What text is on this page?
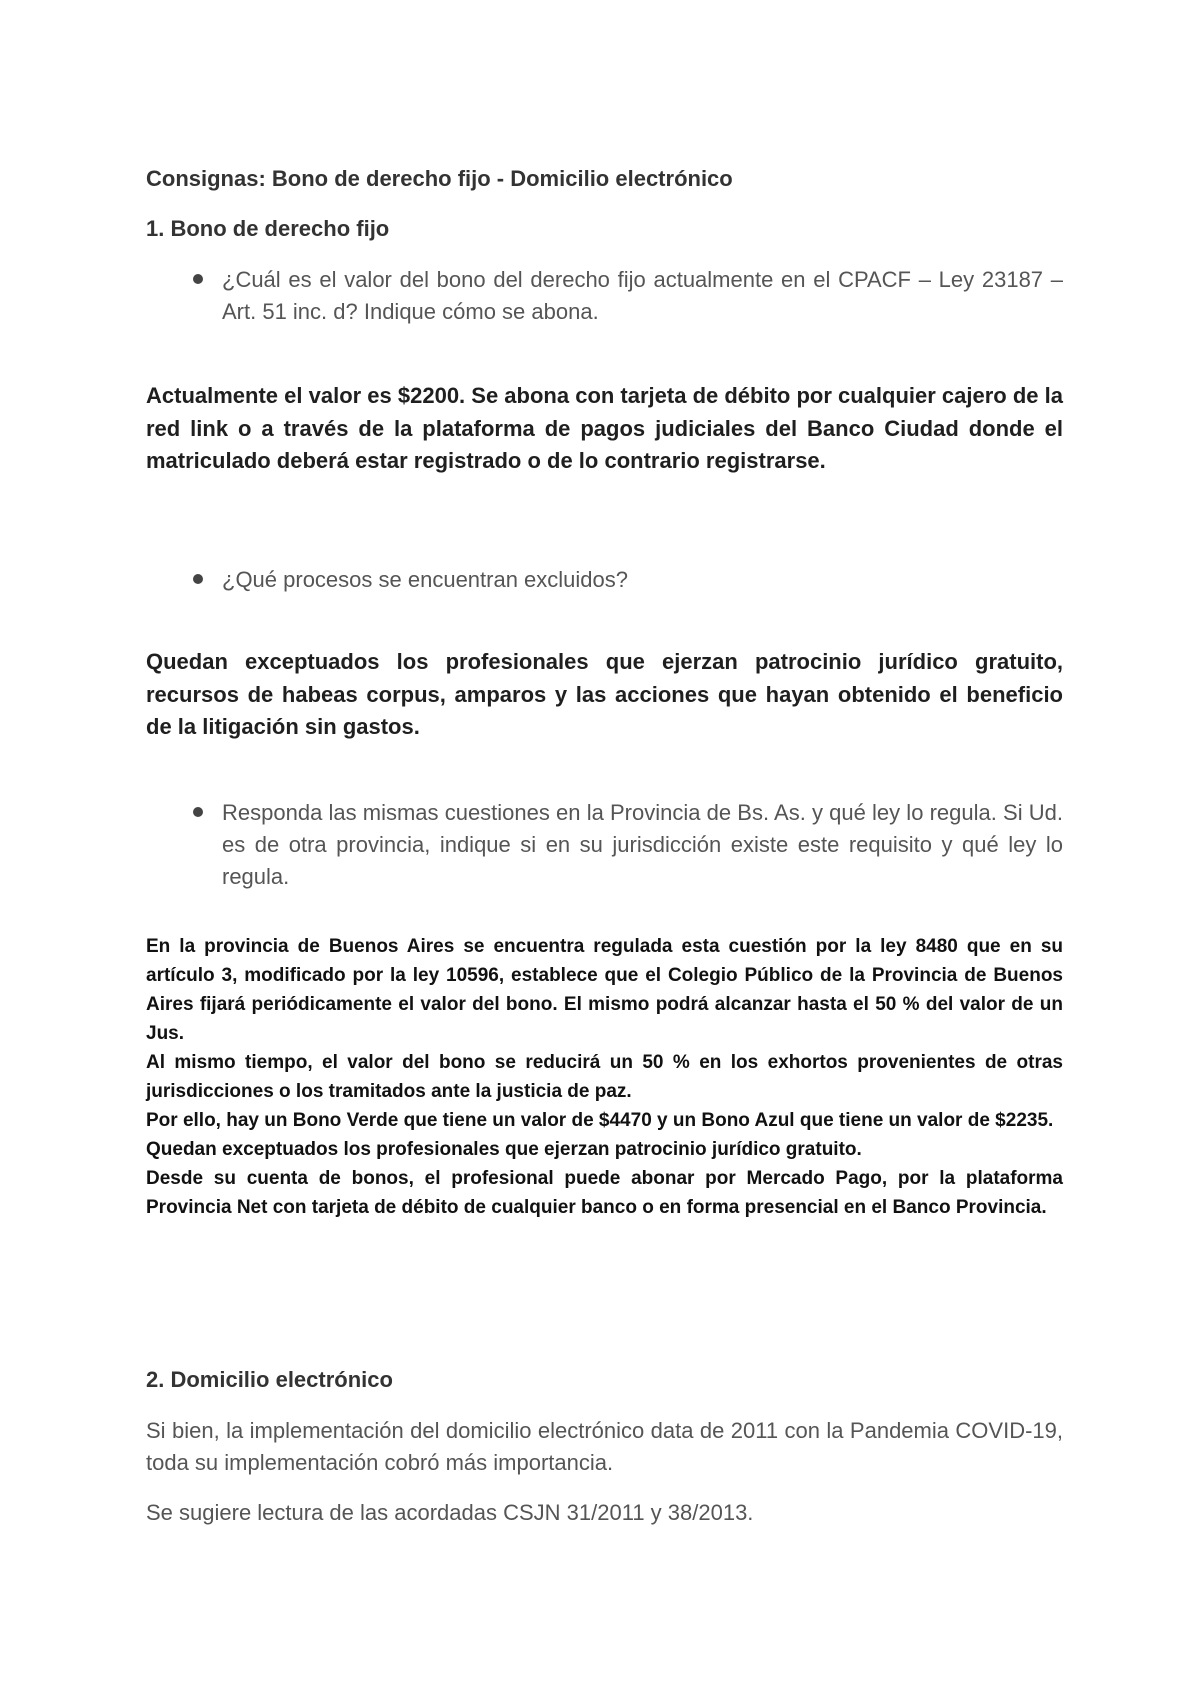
Consignas: Bono de derecho fijo - Domicilio electrónico
1. Bono de derecho fijo
¿Cuál es el valor del bono del derecho fijo actualmente en el CPACF – Ley 23187 – Art. 51 inc. d? Indique cómo se abona.

Actualmente el valor es $2200. Se abona con tarjeta de débito por cualquier cajero de la red link o a través de la plataforma de pagos judiciales del Banco Ciudad donde el matriculado deberá estar registrado o de lo contrario registrarse.

¿Qué procesos se encuentran excluidos?

Quedan exceptuados los profesionales que ejerzan patrocinio jurídico gratuito, recursos de habeas corpus, amparos y las acciones que hayan obtenido el beneficio de la litigación sin gastos.

Responda las mismas cuestiones en la Provincia de Bs. As. y qué ley lo regula. Si Ud. es de otra provincia, indique si en su jurisdicción existe este requisito y qué ley lo regula.

En la provincia de Buenos Aires se encuentra regulada esta cuestión por la ley 8480 que en su artículo 3, modificado por la ley 10596, establece que el Colegio Público de la Provincia de Buenos Aires fijará periódicamente el valor del bono. El mismo podrá alcanzar hasta el 50 % del valor de un Jus.

Al mismo tiempo, el valor del bono se reducirá un 50 % en los exhortos provenientes de otras jurisdicciones o los tramitados ante la justicia de paz.

Por ello, hay un Bono Verde que tiene un valor de $4470 y un Bono Azul que tiene un valor de $2235.

Quedan exceptuados los profesionales que ejerzan patrocinio jurídico gratuito.

Desde su cuenta de bonos, el profesional puede abonar por Mercado Pago, por la plataforma Provincia Net con tarjeta de débito de cualquier banco o en forma presencial en el Banco Provincia.

2. Domicilio electrónico

Si bien, la implementación del domicilio electrónico data de 2011 con la Pandemia COVID-19, toda su implementación cobró más importancia.

Se sugiere lectura de las acordadas CSJN 31/2011 y 38/2013.
